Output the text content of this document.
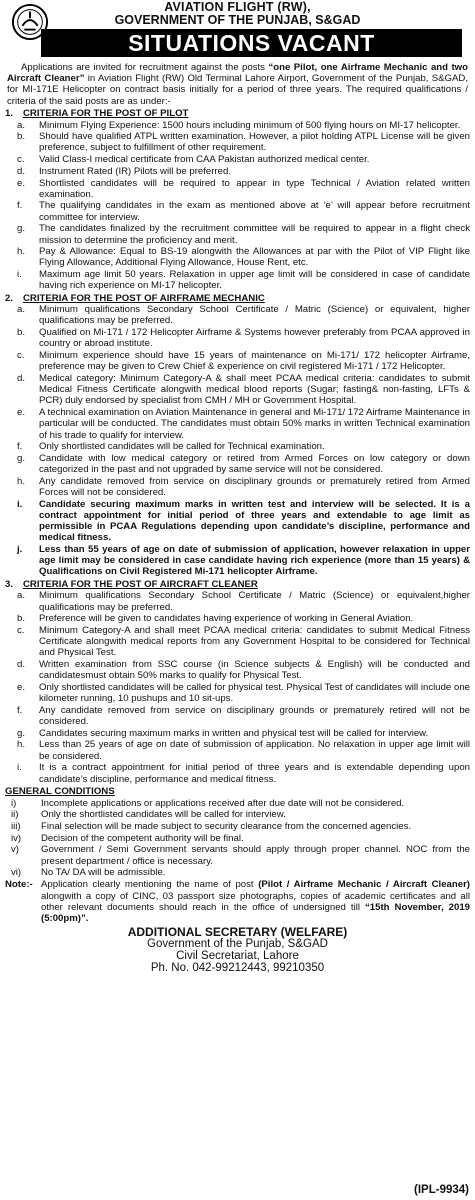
AVIATION FLIGHT (RW),
GOVERNMENT OF THE PUNJAB, S&GAD
SITUATIONS VACANT
Applications are invited for recruitment against the posts “one Pilot, one Airframe Mechanic and two Aircraft Cleaner” in Aviation Flight (RW) Old Terminal Lahore Airport, Government of the Punjab, S&GAD, for MI-171E Helicopter on contract basis initially for a period of three years. The required qualifications / criteria of the said posts are as under:-
1.	CRITERIA FOR THE POST OF PILOT
a.	Minimum Flying Experience: 1500 hours including minimum of 500 flying hours on MI-17 helicopter.
b.	Should have qualified ATPL written examination. However, a pilot holding ATPL License will be given preference, subject to fulfillment of other requirement.
c.	Valid Class-I medical certificate from CAA Pakistan authorized medical center.
d.	Instrument Rated (IR) Pilots will be preferred.
e.	Shortlisted candidates will be required to appear in type Technical / Aviation related written examination.
f.	The qualifying candidates in the exam as mentioned above at ‘e’ will appear before recruitment committee for interview.
g.	The candidates finalized by the recruitment committee will be required to appear in a flight check mission to determine the proficiency and merit.
h.	Pay & Allowance: Equal to BS-19 alongwith the Allowances at par with the Pilot of VIP Flight like Flying Allowance, Additional Flying Allowance, House Rent, etc.
i.	Maximum age limit 50 years. Relaxation in upper age limit will be considered in case of candidate having rich experience on MI-17 helicopter.
2.	CRITERIA FOR THE POST OF AIRFRAME MECHANIC
a.	Minimum qualifications Secondary School Certificate / Matric (Science) or equivalent, higher qualifications may be preferred.
b.	Qualified on Mi-171 / 172 Helicopter Airframe & Systems however preferably from PCAA approved in country or abroad institute.
c.	Minimum experience should have 15 years of maintenance on Mi-171/ 172 helicopter Airframe, preference may be given to Crew Chief & experience on civil registered Mi-171 / 172 Helicopter.
d.	Medical category: Minimum Category-A & shall meet PCAA medical criteria: candidates to submit Medical Fitness Certificate alongwith medical blood reports (Sugar; fasting& non-fasting, LFTs & PCR) duly endorsed by specialist from CMH / MH or Government Hospital.
e.	A technical examination on Aviation Maintenance in general and Mi-171/ 172 Airframe Maintenance in particular will be conducted. The candidates must obtain 50% marks in written Technical examination of his trade to qualify for interview.
f.	Only shortlisted candidates will be called for Technical examination.
g.	Candidate with low medical category or retired from Armed Forces on low category or down categorized in the past and not upgraded by same service will not be considered.
h.	Any candidate removed from service on disciplinary grounds or prematurely retired from Armed Forces will not be considered.
i.	Candidate securing maximum marks in written test and interview will be selected. It is a contract appointment for initial period of three years and extendable to age limit as permissible in PCAA Regulations depending upon candidate’s discipline, performance and medical fitness.
j.	Less than 55 years of age on date of submission of application, however relaxation in upper age limit may be considered in case candidate having rich experience (more than 15 years) & Qualifications on Civil Registered Mi-171 helicopter Airframe.
3.	CRITERIA FOR THE POST OF AIRCRAFT CLEANER
a.	Minimum qualifications Secondary School Certificate / Matric (Science) or equivalent,higher qualifications may be preferred.
b.	Preference will be given to candidates having experience of working in General Aviation.
c.	Minimum Category-A and shall meet PCAA medical criteria: candidates to submit Medical Fitness Certificate alongwith medical reports from any Government Hospital to be considered for Technical and Physical Test.
d.	Written examination from SSC course (in Science subjects & English) will be conducted and candidatesmust obtain 50% marks to qualify for Physical Test.
e.	Only shortlisted candidates will be called for physical test. Physical Test of candidates will include one kilometer running, 10 pushups and 10 sit-ups.
f.	Any candidate removed from service on disciplinary grounds or prematurely retired will not be considered.
g.	Candidates securing maximum marks in written and physical test will be called for interview.
h.	Less than 25 years of age on date of submission of application. No relaxation in upper age limit will be considered.
i.	It is a contract appointment for initial period of three years and is extendable depending upon candidate’s discipline, performance and medical fitness.
GENERAL CONDITIONS
i)	Incomplete applications or applications received after due date will not be considered.
ii)	Only the shortlisted candidates will be called for interview.
iii)	Final selection will be made subject to security clearance from the concerned agencies.
iv)	Decision of the competent authority will be final.
v)	Government / Semi Government servants should apply through proper channel. NOC from the present department / office is necessary.
vi)	No TA/ DA will be admissible.
Note:- Application clearly mentioning the name of post (Pilot / Airframe Mechanic / Aircraft Cleaner) alongwith a copy of CINC, 03 passport size photographs, copies of academic certificates and all other relevant documents should reach in the office of undersigned till “15th November, 2019 (5:00pm)”.
ADDITIONAL SECRETARY (WELFARE)
Government of the Punjab, S&GAD
Civil Secretariat, Lahore
Ph. No. 042-99212443, 99210350
(IPL-9934)
